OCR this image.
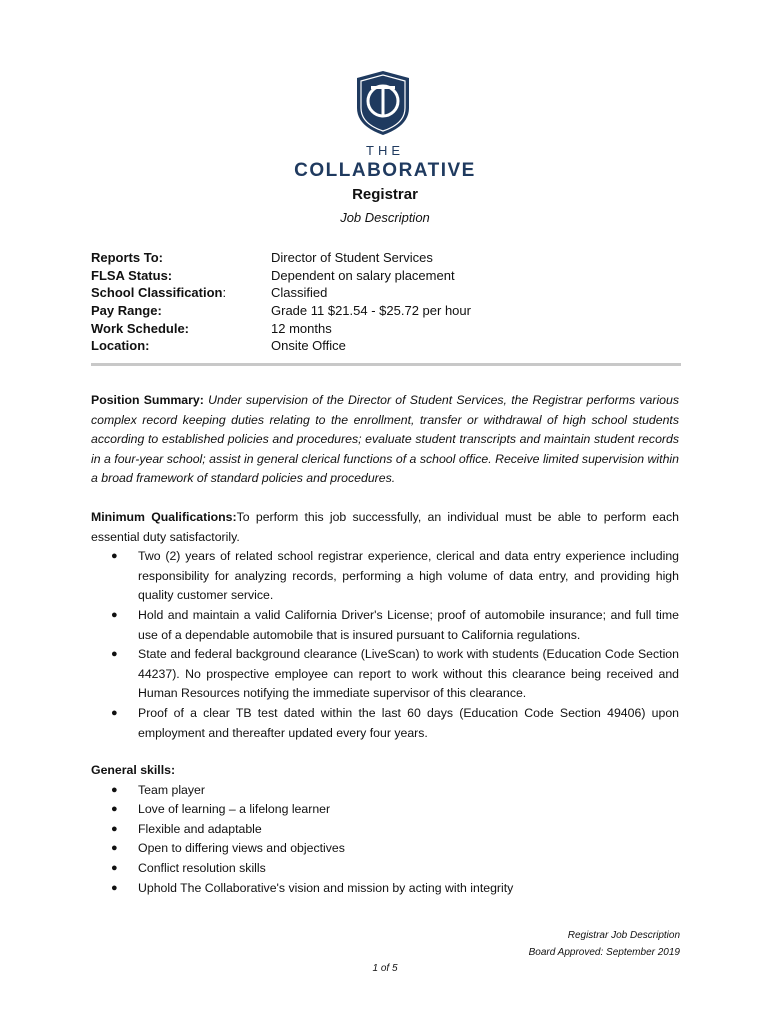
THE
COLLABORATIVE
Registrar
Job Description
Reports To:	Director of Student Services
FLSA Status:	Dependent on salary placement
School Classification:	Classified
Pay Range:	Grade 11 $21.54 - $25.72 per hour
Work Schedule:	12 months
Location:	Onsite Office
Position Summary: Under supervision of the Director of Student Services, the Registrar performs various complex record keeping duties relating to the enrollment, transfer or withdrawal of high school students according to established policies and procedures; evaluate student transcripts and maintain student records in a four-year school; assist in general clerical functions of a school office. Receive limited supervision within a broad framework of standard policies and procedures.
Minimum Qualifications:To perform this job successfully, an individual must be able to perform each essential duty satisfactorily.
● Two (2) years of related school registrar experience, clerical and data entry experience including responsibility for analyzing records, performing a high volume of data entry, and providing high quality customer service.
● Hold and maintain a valid California Driver's License; proof of automobile insurance; and full time use of a dependable automobile that is insured pursuant to California regulations.
● State and federal background clearance (LiveScan) to work with students (Education Code Section 44237). No prospective employee can report to work without this clearance being received and Human Resources notifying the immediate supervisor of this clearance.
● Proof of a clear TB test dated within the last 60 days (Education Code Section 49406) upon employment and thereafter updated every four years.
General skills:
● Team player
● Love of learning – a lifelong learner
● Flexible and adaptable
● Open to differing views and objectives
● Conflict resolution skills
● Uphold The Collaborative's vision and mission by acting with integrity
Registrar Job Description
Board Approved: September 2019
1 of 5
